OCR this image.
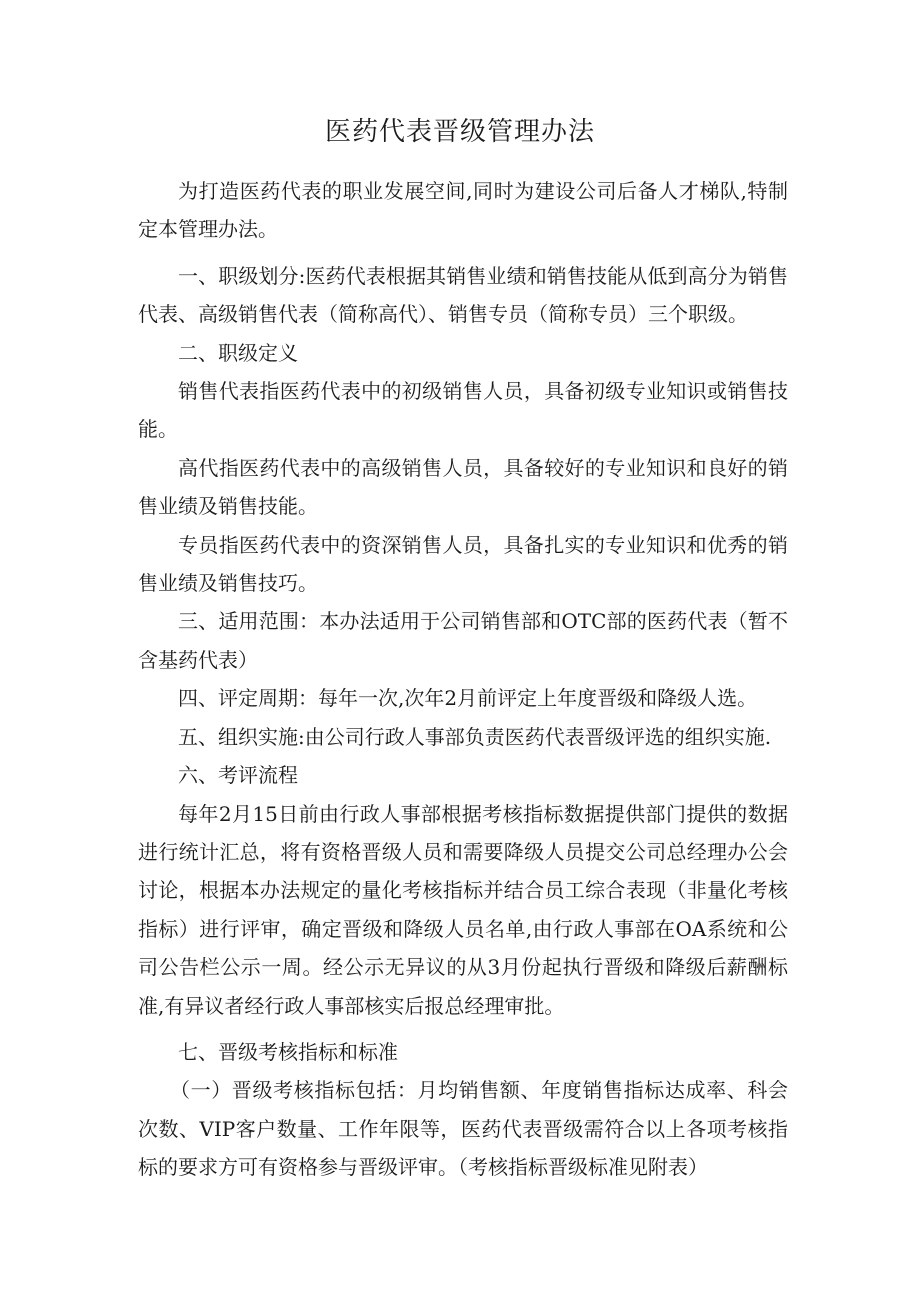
医药代表晋级管理办法

为打造医药代表的职业发展空间,同时为建设公司后备人才梯队,特制定本管理办法。

一、职级划分:医药代表根据其销售业绩和销售技能从低到高分为销售代表、高级销售代表（简称高代）、销售专员（简称专员）三个职级。

二、职级定义

销售代表指医药代表中的初级销售人员，具备初级专业知识或销售技能。

高代指医药代表中的高级销售人员，具备较好的专业知识和良好的销售业绩及销售技能。

专员指医药代表中的资深销售人员，具备扎实的专业知识和优秀的销售业绩及销售技巧。

三、适用范围：本办法适用于公司销售部和OTC部的医药代表（暂不含基药代表）

四、评定周期：每年一次,次年2月前评定上年度晋级和降级人选。

五、组织实施:由公司行政人事部负责医药代表晋级评选的组织实施.

六、考评流程

每年2月15日前由行政人事部根据考核指标数据提供部门提供的数据进行统计汇总，将有资格晋级人员和需要降级人员提交公司总经理办公会讨论，根据本办法规定的量化考核指标并结合员工综合表现（非量化考核指标）进行评审，确定晋级和降级人员名单,由行政人事部在OA系统和公司公告栏公示一周。经公示无异议的从3月份起执行晋级和降级后薪酬标准,有异议者经行政人事部核实后报总经理审批。

七、晋级考核指标和标准

（一）晋级考核指标包括：月均销售额、年度销售指标达成率、科会次数、VIP客户数量、工作年限等，医药代表晋级需符合以上各项考核指标的要求方可有资格参与晋级评审。（考核指标晋级标准见附表）
